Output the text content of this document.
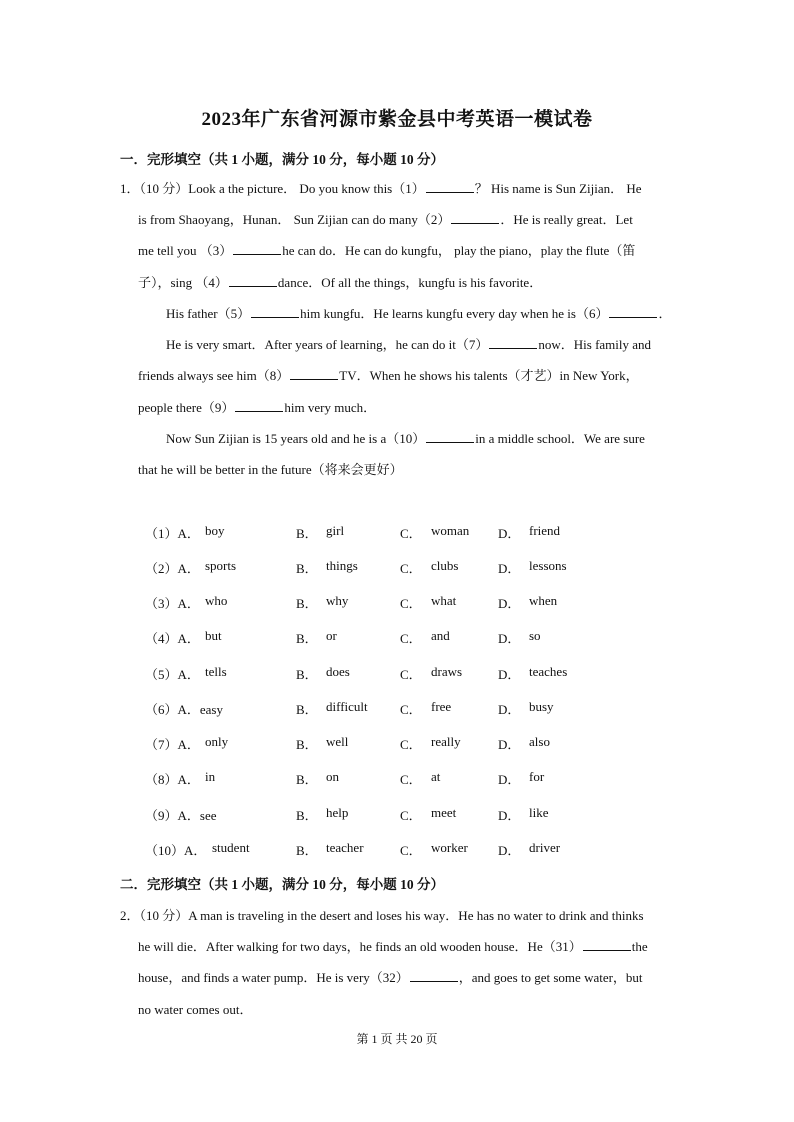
2023年广东省河源市紫金县中考英语一模试卷
一．完形填空（共 1 小题，满分 10 分，每小题 10 分）
1．（10 分）Look a the picture． Do you know this（1）	？ His name is Sun Zijian． He
is from Shaoyang，Hunan． Sun Zijian can do many（2）	．He is really great．Let
me tell you （3）	he can do．He can do kungfu， play the piano，play the flute（笛
子），sing （4）	dance．Of all the things，kungfu is his favorite．
His father（5）	him kungfu．He learns kungfu every day when he is（6）	．
He is very smart．After years of learning，he can do it（7）	now．His family and
friends always see him（8）	TV．When he shows his talents（才艺）in New York，
people there（9）	him very much．
Now Sun Zijian is 15 years old and he is a（10）	in a middle school．We are sure
that he will be better in the future（将来会更好）
（1）A． boy	B． girl	C． woman D． friend
（2）A． sports	B． things	C． clubs	D． lessons
（3）A． who	B． why	C． what	D． when
（4）A． but	B． or	C． and	D． so
（5）A． tells	B． does	C． draws	D． teaches
（6）A．easy	B． difficult C． free	D． busy
（7）A． only	B． well	C． really	D． also
（8）A． in	B． on	C． at	D． for
（9）A．see	B． help	C． meet	D． like
（10）A． student	B． teacher	C． worker D． driver
二．完形填空（共 1 小题，满分 10 分，每小题 10 分）
2．（10 分）A man is traveling in the desert and loses his way．He has no water to drink and thinks
he will die．After walking for two days，he finds an old wooden house．He（31）	the
house，and finds a water pump．He is very（32）	，and goes to get some water，but
no water comes out．
第 1 页 共 20 页
